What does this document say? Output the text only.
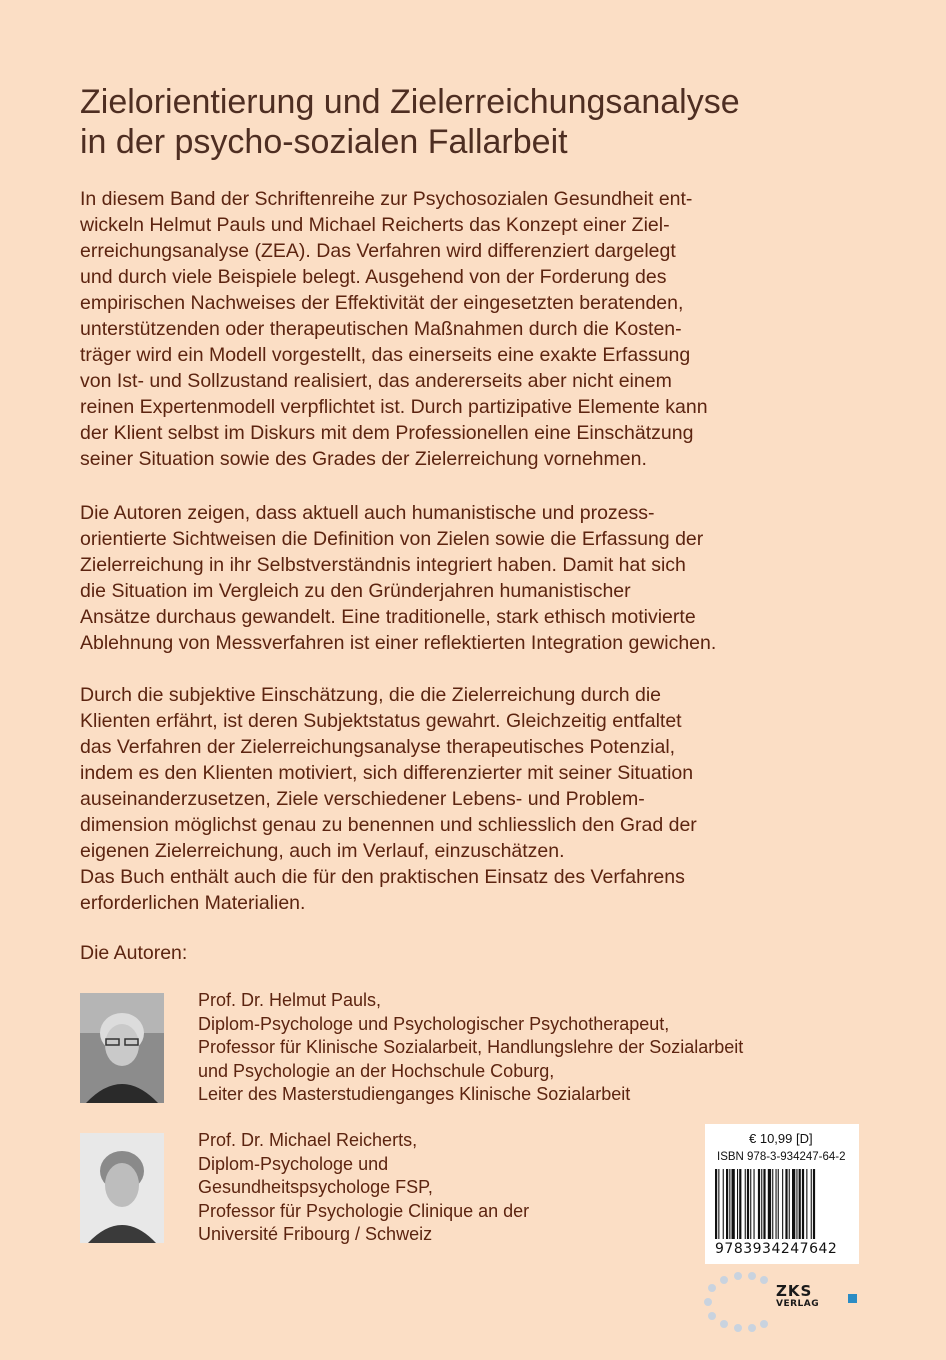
Zielorientierung und Zielerreichungsanalyse
in der psycho-sozialen Fallarbeit
In diesem Band der Schriftenreihe zur Psychosozialen Gesundheit ent-
wickeln Helmut Pauls und Michael Reicherts das Konzept einer Ziel-
erreichungsanalyse (ZEA). Das Verfahren wird differenziert dargelegt
und durch viele Beispiele belegt. Ausgehend von der Forderung des
empirischen Nachweises der Effektivität der eingesetzten beratenden,
unterstützenden oder therapeutischen Maßnahmen durch die Kosten-
träger wird ein Modell vorgestellt, das einerseits eine exakte Erfassung
von Ist- und Sollzustand realisiert, das andererseits aber nicht einem
reinen Expertenmodell verpflichtet ist. Durch partizipative Elemente kann
der Klient selbst im Diskurs mit dem Professionellen eine Einschätzung
seiner Situation sowie des Grades der Zielerreichung vornehmen.
Die Autoren zeigen, dass aktuell auch humanistische und prozess-
orientierte Sichtweisen die Definition von Zielen sowie die Erfassung der
Zielerreichung in ihr Selbstverständnis integriert haben. Damit hat sich
die Situation im Vergleich zu den Gründerjahren humanistischer
Ansätze durchaus gewandelt. Eine traditionelle, stark ethisch motivierte
Ablehnung von Messverfahren ist einer reflektierten Integration gewichen.
Durch die subjektive Einschätzung, die die Zielerreichung durch die
Klienten erfährt, ist deren Subjektstatus gewahrt. Gleichzeitig entfaltet
das Verfahren der Zielerreichungsanalyse therapeutisches Potenzial,
indem es den Klienten motiviert, sich differenzierter mit seiner Situation
auseinanderzusetzen, Ziele verschiedener Lebens- und Problem-
dimension möglichst genau zu benennen und schliesslich den Grad der
eigenen Zielerreichung, auch im Verlauf, einzuschätzen.
Das Buch enthält auch die für den praktischen Einsatz des Verfahrens
erforderlichen Materialien.
Die Autoren:
Prof. Dr. Helmut Pauls,
Diplom-Psychologe und Psychologischer Psychotherapeut,
Professor für Klinische Sozialarbeit, Handlungslehre der Sozialarbeit
und Psychologie an der Hochschule Coburg,
Leiter des Masterstudienganges Klinische Sozialarbeit
Prof. Dr. Michael Reicherts,
Diplom-Psychologe und
Gesundheitspsychologe FSP,
Professor für Psychologie Clinique an der
Université Fribourg / Schweiz
€ 10,99 [D]
ISBN 978-3-934247-64-2
9783934247642
ZKS
VERLAG
